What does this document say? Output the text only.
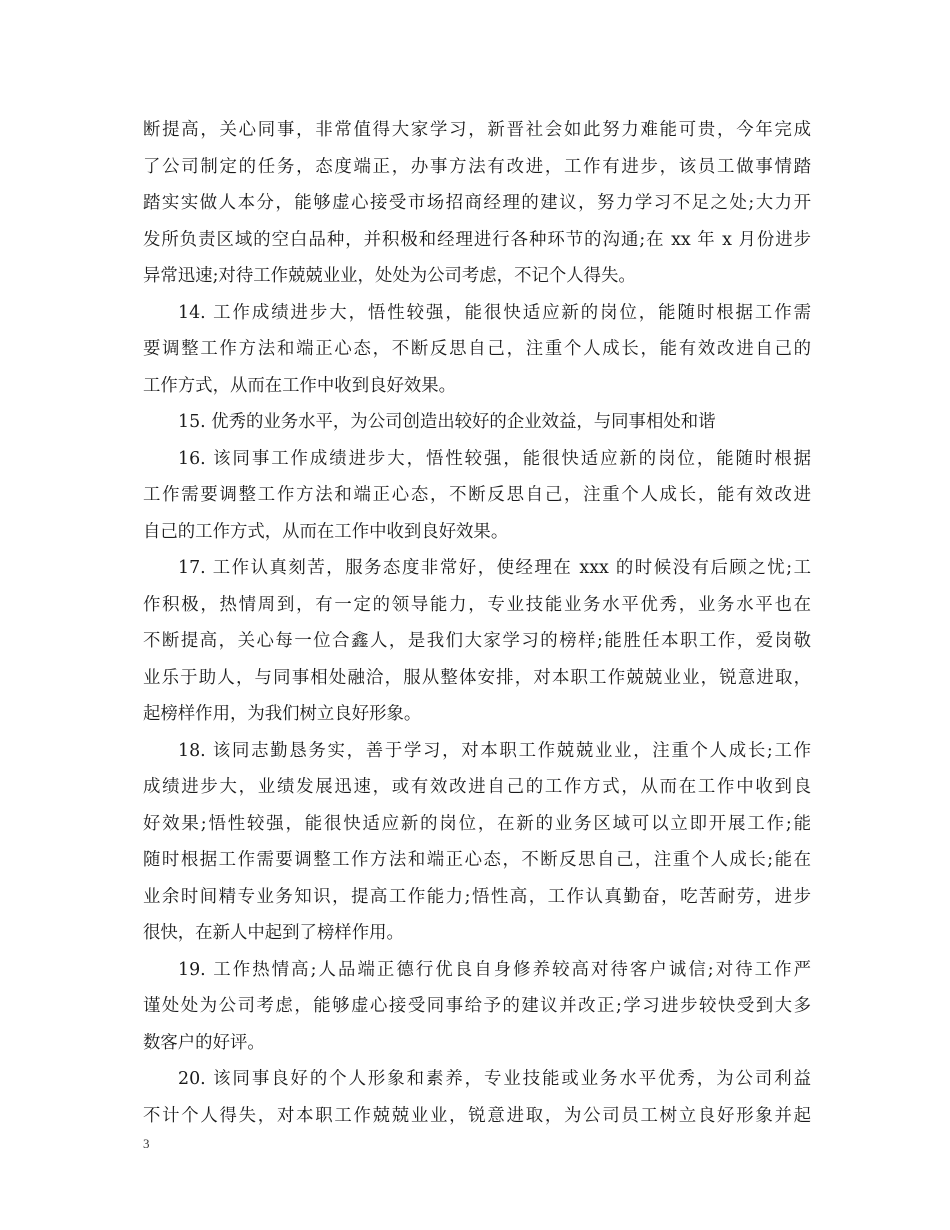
断提高，关心同事，非常值得大家学习，新晋社会如此努力难能可贵，今年完成
了公司制定的任务，态度端正，办事方法有改进，工作有进步，该员工做事情踏
踏实实做人本分，能够虚心接受市场招商经理的建议，努力学习不足之处;大力开
发所负责区域的空白品种，并积极和经理进行各种环节的沟通;在 xx 年 x 月份进步
异常迅速;对待工作兢兢业业，处处为公司考虑，不记个人得失。
14. 工作成绩进步大，悟性较强，能很快适应新的岗位，能随时根据工作需
要调整工作方法和端正心态，不断反思自己，注重个人成长，能有效改进自己的
工作方式，从而在工作中收到良好效果。
15. 优秀的业务水平，为公司创造出较好的企业效益，与同事相处和谐
16. 该同事工作成绩进步大，悟性较强，能很快适应新的岗位，能随时根据
工作需要调整工作方法和端正心态，不断反思自己，注重个人成长，能有效改进
自己的工作方式，从而在工作中收到良好效果。
17. 工作认真刻苦，服务态度非常好，使经理在 xxx 的时候没有后顾之忧;工
作积极，热情周到，有一定的领导能力，专业技能业务水平优秀，业务水平也在
不断提高，关心每一位合鑫人，是我们大家学习的榜样;能胜任本职工作，爱岗敬
业乐于助人，与同事相处融洽，服从整体安排，对本职工作兢兢业业，锐意进取，
起榜样作用，为我们树立良好形象。
18. 该同志勤恳务实，善于学习，对本职工作兢兢业业，注重个人成长;工作
成绩进步大，业绩发展迅速，或有效改进自己的工作方式，从而在工作中收到良
好效果;悟性较强，能很快适应新的岗位，在新的业务区域可以立即开展工作;能
随时根据工作需要调整工作方法和端正心态，不断反思自己，注重个人成长;能在
业余时间精专业务知识，提高工作能力;悟性高，工作认真勤奋，吃苦耐劳，进步
很快，在新人中起到了榜样作用。
19. 工作热情高;人品端正德行优良自身修养较高对待客户诚信;对待工作严
谨处处为公司考虑，能够虚心接受同事给予的建议并改正;学习进步较快受到大多
数客户的好评。
20. 该同事良好的个人形象和素养，专业技能或业务水平优秀，为公司利益
不计个人得失，对本职工作兢兢业业，锐意进取，为公司员工树立良好形象并起
3
